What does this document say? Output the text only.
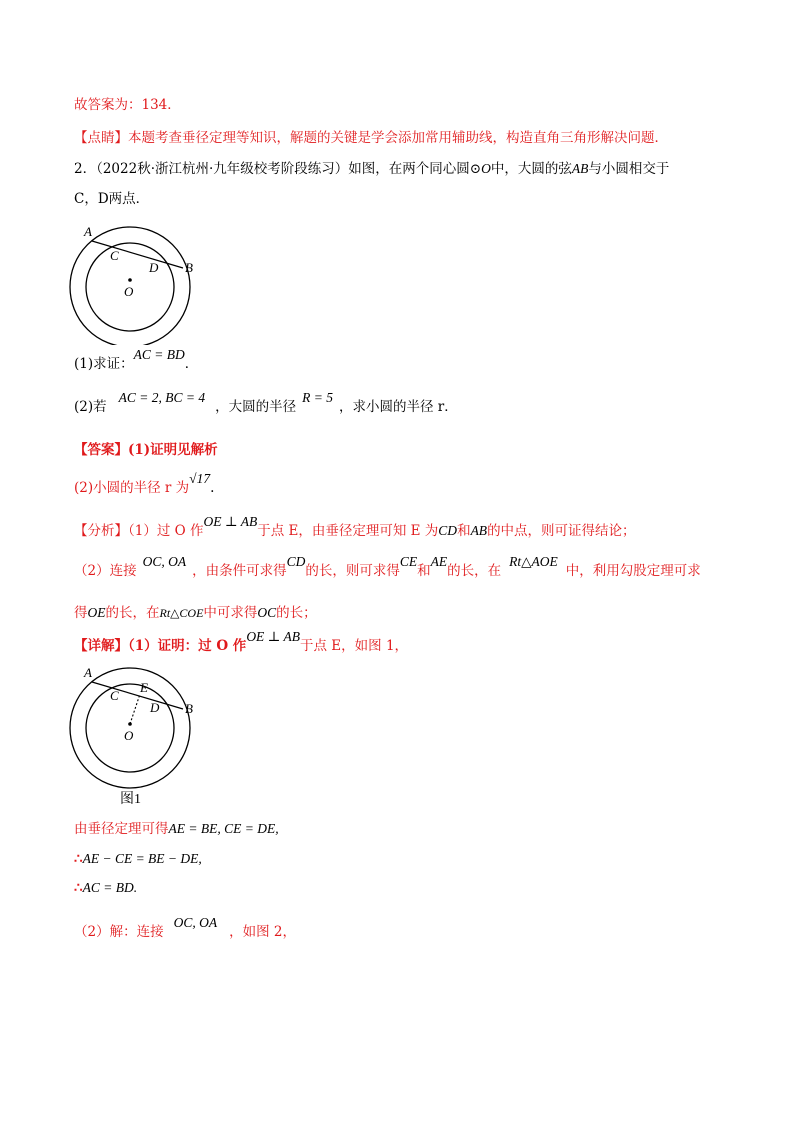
故答案为：134．
【点睛】本题考查垂径定理等知识，解题的关键是学会添加常用辅助线，构造直角三角形解决问题．
2．（2022秋·浙江杭州·九年级校考阶段练习）如图，在两个同心圆⊙O中，大圆的弦AB与小圆相交于
C，D两点．
A
B
C
D
O
(1)求证：AC = BD．
(2)若AC = 2, BC = 4，大圆的半径R = 5，求小圆的半径 r．
【答案】(1)证明见解析
(2)小圆的半径 r 为√17.
【分析】（1）过 O 作OE ⊥ AB于点 E，由垂径定理可知 E 为CD和AB的中点，则可证得结论；
（2）连接OC, OA，由条件可求得CD的长，则可求得CE和AE的长，在Rt△AOE中，利用勾股定理可求
得OE的长，在Rt△COE中可求得OC的长；
【详解】（1）证明：过 O 作OE ⊥ AB于点 E，如图 1，
A
B
C
D
E
O
图1
由垂径定理可得AE = BE, CE = DE,
∴AE − CE = BE − DE,
∴AC = BD.
（2）解：连接OC, OA，如图 2，
